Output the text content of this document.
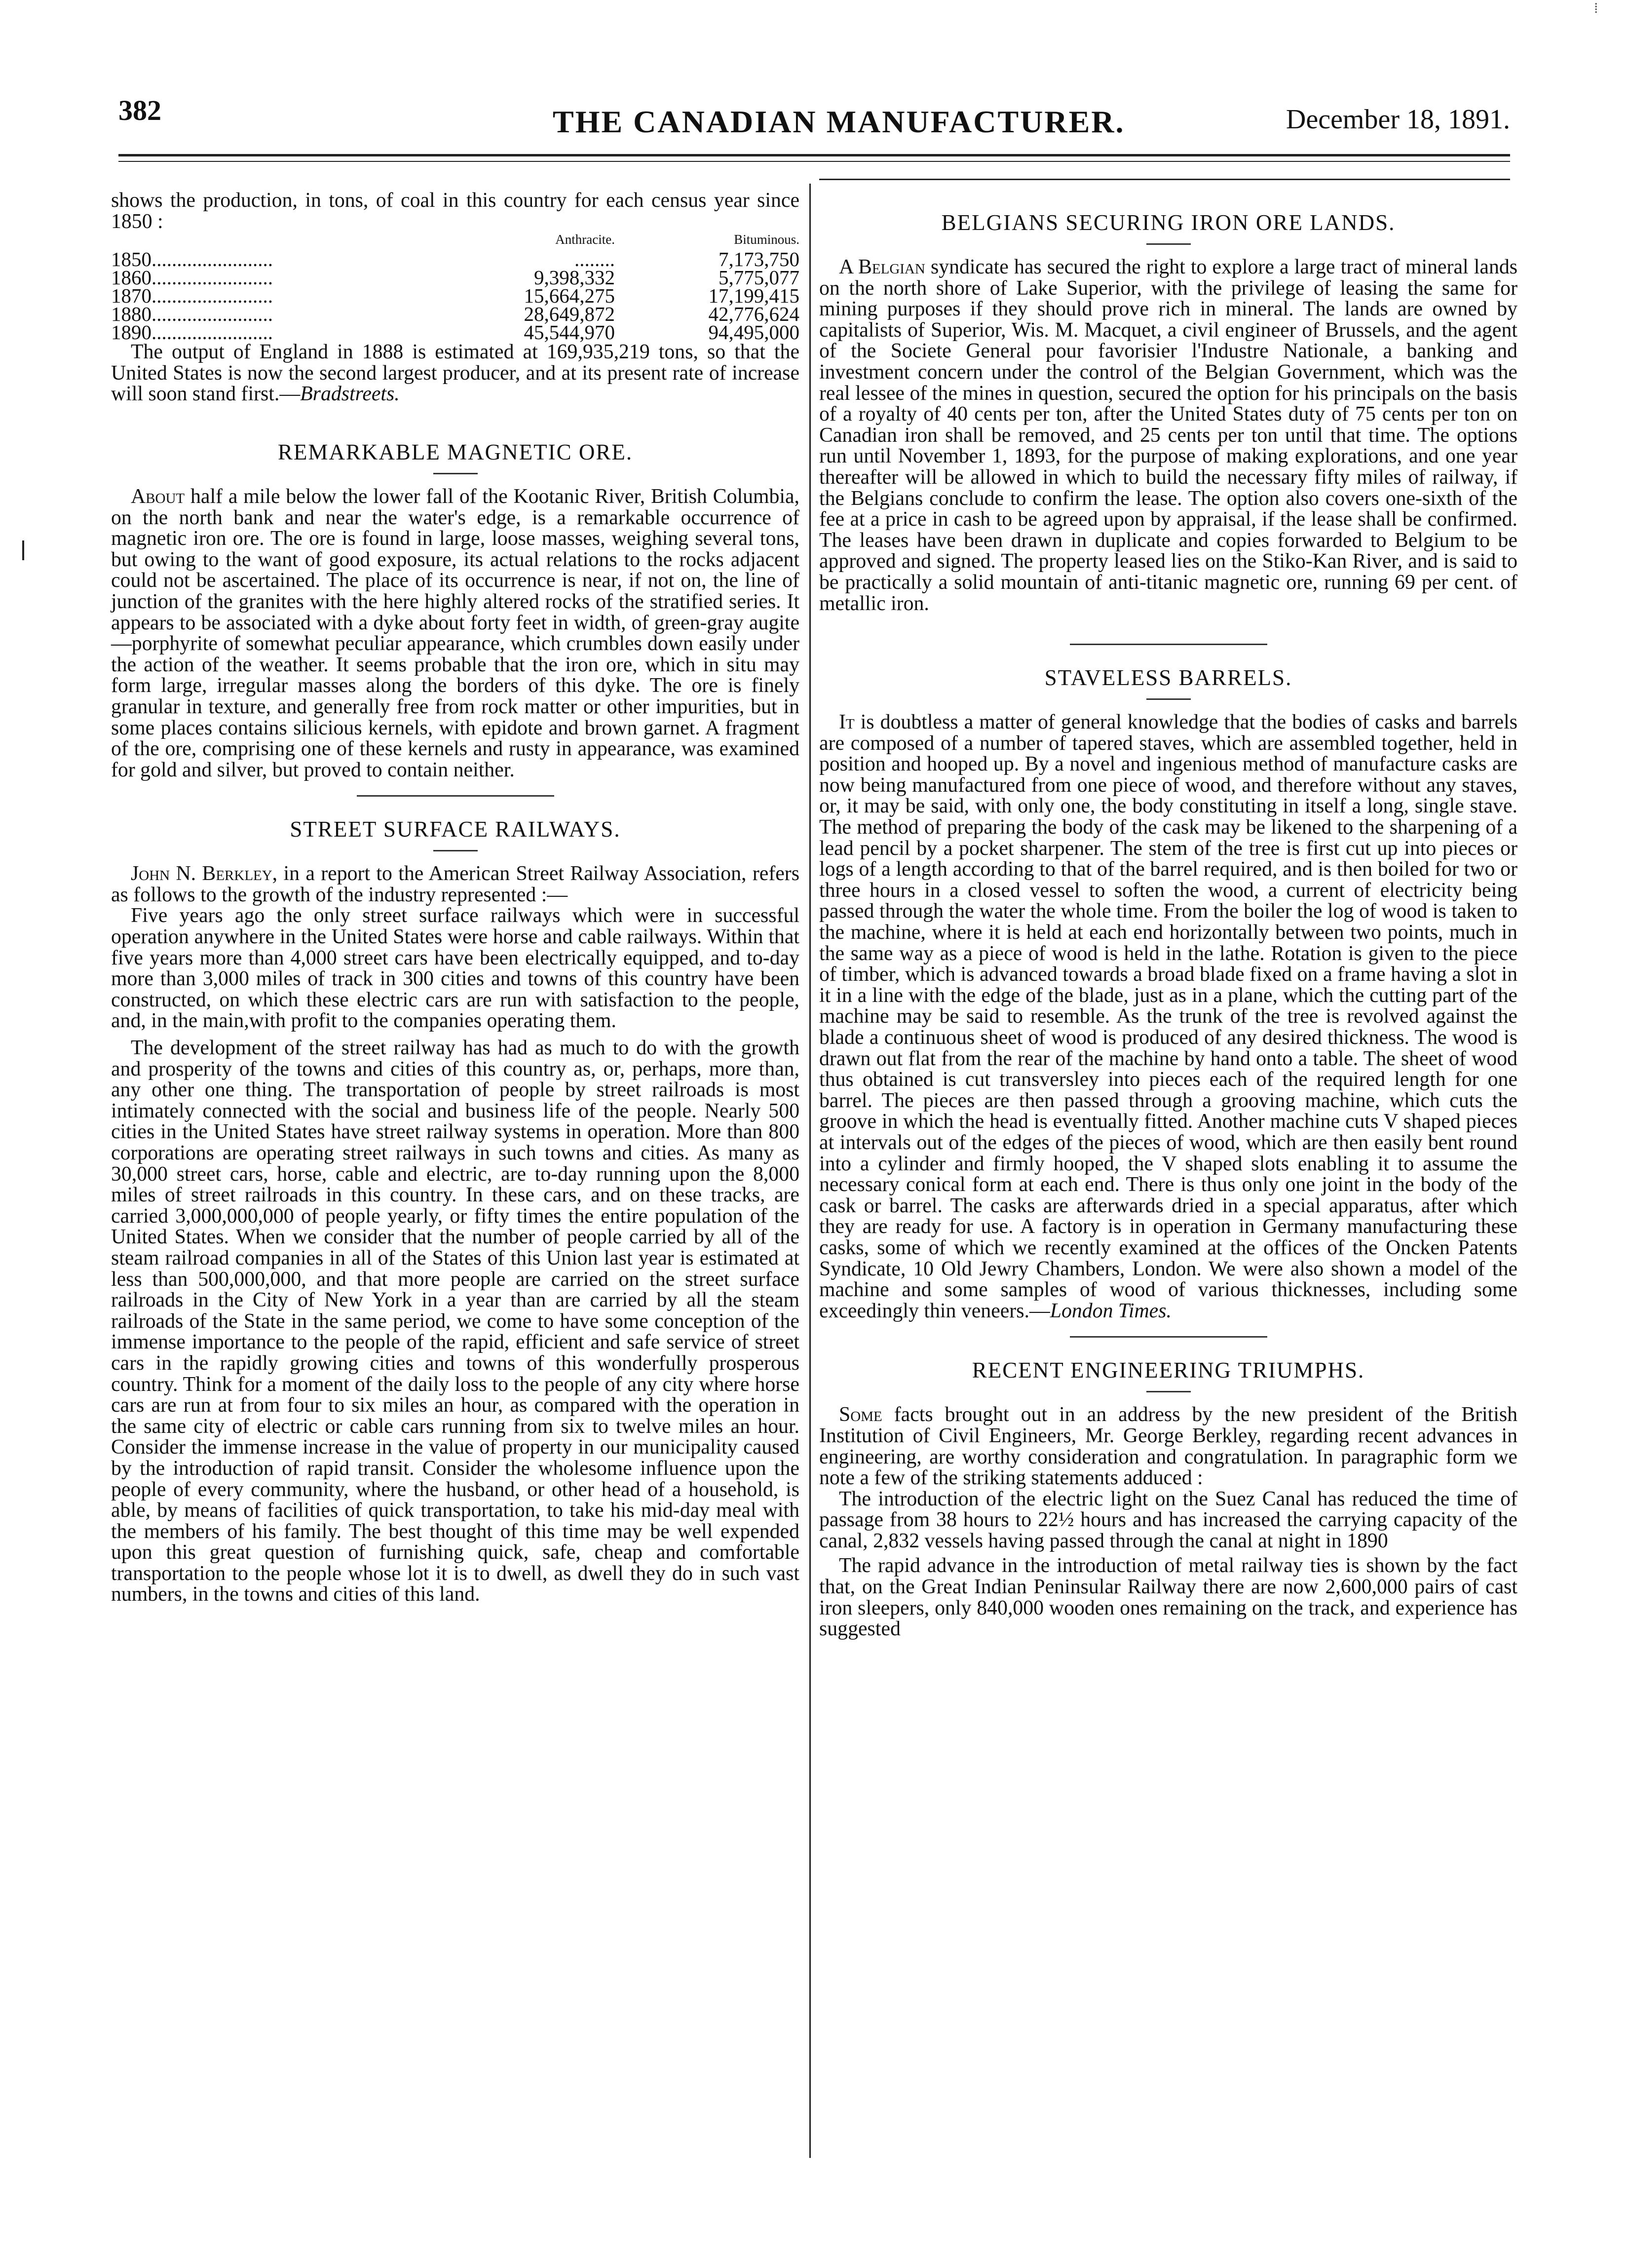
382	THE CANADIAN MANUFACTURER.	December 18, 1891.
⁞

shows the production, in tons, of coal in this country for each census year since 1850 :

	Anthracite.	Bituminous.
1850........................	........	7,173,750
1860........................	9,398,332	5,775,077
1870........................	15,664,275	17,199,415
1880........................	28,649,872	42,776,624
1890........................	45,544,970	94,495,000

The output of England in 1888 is estimated at 169,935,219 tons, so that the United States is now the second largest producer, and at its present rate of increase will soon stand first.—Bradstreets.

REMARKABLE MAGNETIC ORE.

About half a mile below the lower fall of the Kootanic River, British Columbia, on the north bank and near the water's edge, is a remarkable occurrence of magnetic iron ore. The ore is found in large, loose masses, weighing several tons, but owing to the want of good exposure, its actual relations to the rocks adjacent could not be ascertained. The place of its occurrence is near, if not on, the line of junction of the granites with the here highly altered rocks of the stratified series. It appears to be associated with a dyke about forty feet in width, of green-gray augite—porphyrite of somewhat peculiar appearance, which crumbles down easily under the action of the weather. It seems probable that the iron ore, which in situ may form large, irregular masses along the borders of this dyke. The ore is finely granular in texture, and generally free from rock matter or other impurities, but in some places contains silicious kernels, with epidote and brown garnet. A fragment of the ore, comprising one of these kernels and rusty in appearance, was examined for gold and silver, but proved to contain neither.

STREET SURFACE RAILWAYS.

John N. Berkley, in a report to the American Street Railway Association, refers as follows to the growth of the industry represented :—

Five years ago the only street surface railways which were in successful operation anywhere in the United States were horse and cable railways. Within that five years more than 4,000 street cars have been electrically equipped, and to-day more than 3,000 miles of track in 300 cities and towns of this country have been constructed, on which these electric cars are run with satisfaction to the people, and, in the main,with profit to the companies operating them.

The development of the street railway has had as much to do with the growth and prosperity of the towns and cities of this country as, or, perhaps, more than, any other one thing. The transportation of people by street railroads is most intimately connected with the social and business life of the people. Nearly 500 cities in the United States have street railway systems in operation. More than 800 corporations are operating street railways in such towns and cities. As many as 30,000 street cars, horse, cable and electric, are to-day running upon the 8,000 miles of street railroads in this country. In these cars, and on these tracks, are carried 3,000,000,000 of people yearly, or fifty times the entire population of the United States. When we consider that the number of people carried by all of the steam railroad companies in all of the States of this Union last year is estimated at less than 500,000,000, and that more people are carried on the street surface railroads in the City of New York in a year than are carried by all the steam railroads of the State in the same period, we come to have some conception of the immense importance to the people of the rapid, efficient and safe service of street cars in the rapidly growing cities and towns of this wonderfully prosperous country. Think for a moment of the daily loss to the people of any city where horse cars are run at from four to six miles an hour, as compared with the operation in the same city of electric or cable cars running from six to twelve miles an hour. Consider the immense increase in the value of property in our municipality caused by the introduction of rapid transit. Consider the wholesome influence upon the people of every community, where the husband, or other head of a household, is able, by means of facilities of quick transportation, to take his mid-day meal with the members of his family. The best thought of this time may be well expended upon this great question of furnishing quick, safe, cheap and comfortable transportation to the people whose lot it is to dwell, as dwell they do in such vast numbers, in the towns and cities of this land.

BELGIANS SECURING IRON ORE LANDS.

A Belgian syndicate has secured the right to explore a large tract of mineral lands on the north shore of Lake Superior, with the privilege of leasing the same for mining purposes if they should prove rich in mineral. The lands are owned by capitalists of Superior, Wis. M. Macquet, a civil engineer of Brussels, and the agent of the Societe General pour favorisier l'Industre Nationale, a banking and investment concern under the control of the Belgian Government, which was the real lessee of the mines in question, secured the option for his principals on the basis of a royalty of 40 cents per ton, after the United States duty of 75 cents per ton on Canadian iron shall be removed, and 25 cents per ton until that time. The options run until November 1, 1893, for the purpose of making explorations, and one year thereafter will be allowed in which to build the necessary fifty miles of railway, if the Belgians conclude to confirm the lease. The option also covers one-sixth of the fee at a price in cash to be agreed upon by appraisal, if the lease shall be confirmed. The leases have been drawn in duplicate and copies forwarded to Belgium to be approved and signed. The property leased lies on the Stiko-Kan River, and is said to be practically a solid mountain of anti-titanic magnetic ore, running 69 per cent. of metallic iron.

STAVELESS BARRELS.

It is doubtless a matter of general knowledge that the bodies of casks and barrels are composed of a number of tapered staves, which are assembled together, held in position and hooped up. By a novel and ingenious method of manufacture casks are now being manufactured from one piece of wood, and therefore without any staves, or, it may be said, with only one, the body constituting in itself a long, single stave. The method of preparing the body of the cask may be likened to the sharpening of a lead pencil by a pocket sharpener. The stem of the tree is first cut up into pieces or logs of a length according to that of the barrel required, and is then boiled for two or three hours in a closed vessel to soften the wood, a current of electricity being passed through the water the whole time. From the boiler the log of wood is taken to the machine, where it is held at each end horizontally between two points, much in the same way as a piece of wood is held in the lathe. Rotation is given to the piece of timber, which is advanced towards a broad blade fixed on a frame having a slot in it in a line with the edge of the blade, just as in a plane, which the cutting part of the machine may be said to resemble. As the trunk of the tree is revolved against the blade a continuous sheet of wood is produced of any desired thickness. The wood is drawn out flat from the rear of the machine by hand onto a table. The sheet of wood thus obtained is cut transversley into pieces each of the required length for one barrel. The pieces are then passed through a grooving machine, which cuts the groove in which the head is eventually fitted. Another machine cuts V shaped pieces at intervals out of the edges of the pieces of wood, which are then easily bent round into a cylinder and firmly hooped, the V shaped slots enabling it to assume the necessary conical form at each end. There is thus only one joint in the body of the cask or barrel. The casks are afterwards dried in a special apparatus, after which they are ready for use. A factory is in operation in Germany manufacturing these casks, some of which we recently examined at the offices of the Oncken Patents Syndicate, 10 Old Jewry Chambers, London. We were also shown a model of the machine and some samples of wood of various thicknesses, including some exceedingly thin veneers.—London Times.

RECENT ENGINEERING TRIUMPHS.

Some facts brought out in an address by the new president of the British Institution of Civil Engineers, Mr. George Berkley, regarding recent advances in engineering, are worthy consideration and congratulation. In paragraphic form we note a few of the striking statements adduced :

The introduction of the electric light on the Suez Canal has reduced the time of passage from 38 hours to 22½ hours and has increased the carrying capacity of the canal, 2,832 vessels having passed through the canal at night in 1890

The rapid advance in the introduction of metal railway ties is shown by the fact that, on the Great Indian Peninsular Railway there are now 2,600,000 pairs of cast iron sleepers, only 840,000 wooden ones remaining on the track, and experience has suggested
